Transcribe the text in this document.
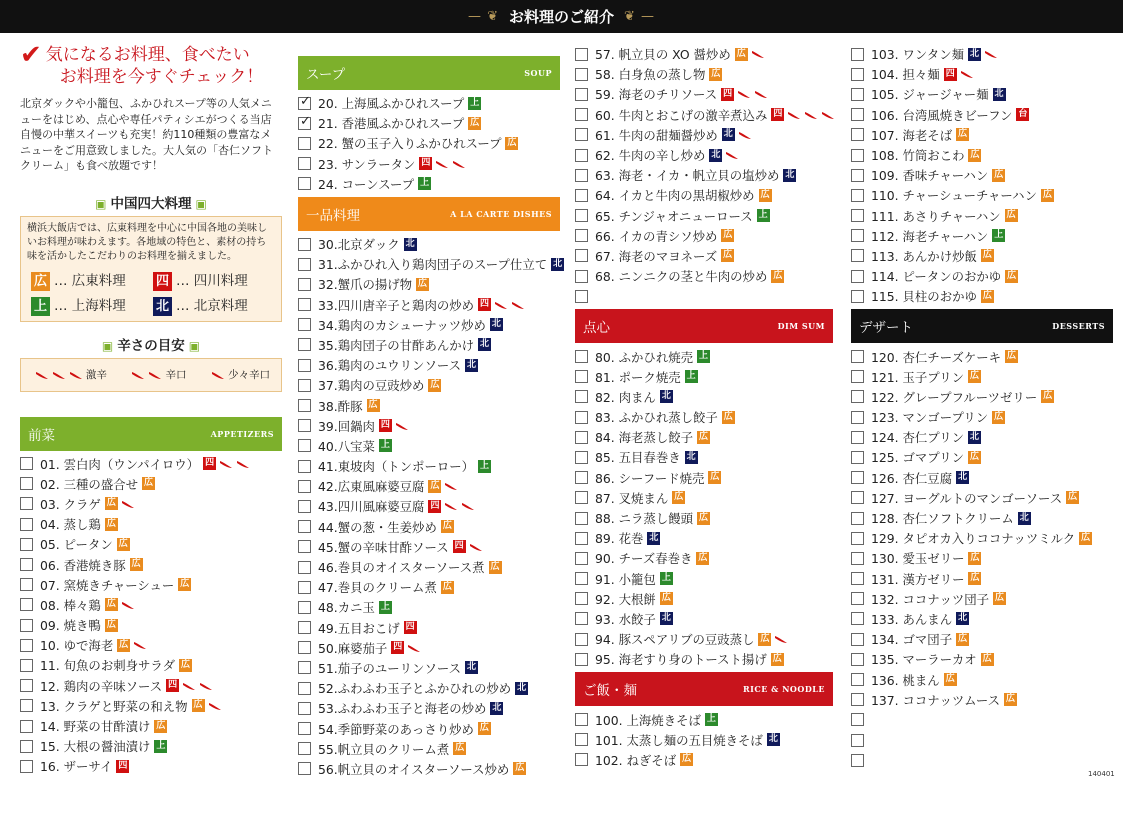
— ❦ お料理のご紹介 ❦ —
✔ 気になるお料理、食べたい
お料理を今すぐチェック！

北京ダックや小籠包、ふかひれスープ等の人気メニューをはじめ、点心や専任パティシエがつくる当店自慢の中華スイーツも充実！約110種類の豊富なメニューをご用意致しました。大人気の「杏仁ソフトクリーム」も食べ放題です！

▣ 中国四大料理 ▣
横浜大飯店では、広東料理を中心に中国各地の美味しいお料理が味わえます。各地域の特色と、素材の持ち味を活かしたこだわりのお料理を揃えました。
広 … 広東料理 四 … 四川料理
上 … 上海料理 北 … 北京料理
▣ 辛さの目安 ▣
激辛	辛口	少々辛口
前菜	APPETIZERS
01. 雲白肉（ウンパイロウ） 四
02. 三種の盛合せ 広
03. クラゲ 広
04. 蒸し鶏 広
05. ピータン 広
06. 香港焼き豚 広
07. 窯焼きチャーシュー 広
08. 棒々鶏 広
09. 焼き鴨 広
10. ゆで海老 広
11. 旬魚のお刺身サラダ 広
12. 鶏肉の辛味ソース 四
13. クラゲと野菜の和え物 広
14. 野菜の甘酢漬け 広
15. 大根の醤油漬け 上
16. ザーサイ 四
スープ	SOUP
✓
20. 上海風ふかひれスープ 上
✓
21. 香港風ふかひれスープ 広
22. 蟹の玉子入りふかひれスープ 広
23. サンラータン 四
24. コーンスープ 上
一品料理	A LA CARTE DISHES
30.北京ダック 北
31.ふかひれ入り鶏肉団子のスープ仕立て 北
32.蟹爪の揚げ物 広
33.四川唐辛子と鶏肉の炒め 四
34.鶏肉のカシューナッツ炒め 北
35.鶏肉団子の甘酢あんかけ 北
36.鶏肉のユウリンソース 北
37.鶏肉の豆豉炒め 広
38.酢豚 広
39.回鍋肉 四
40.八宝菜 上
41.東坡肉（トンポーロー） 上
42.広東風麻婆豆腐 広
43.四川風麻婆豆腐 四
44.蟹の葱・生姜炒め 広
45.蟹の辛味甘酢ソース 四
46.巻貝のオイスターソース煮 広
47.巻貝のクリーム煮 広
48.カニ玉 上
49.五目おこげ 四
50.麻婆茄子 四
51.茄子のユーリンソース 北
52.ふわふわ玉子とふかひれの炒め 北
53.ふわふわ玉子と海老の炒め 北
54.季節野菜のあっさり炒め 広
55.帆立貝のクリーム煮 広
56.帆立貝のオイスターソース炒め 広
57. 帆立貝の XO 醤炒め 広
58. 白身魚の蒸し物 広
59. 海老のチリソース 四
60. 牛肉とおこげの激辛煮込み 四
61. 牛肉の甜麺醤炒め 北
62. 牛肉の辛し炒め 北
63. 海老・イカ・帆立貝の塩炒め 北
64. イカと牛肉の黒胡椒炒め 広
65. チンジャオニューロース 上
66. イカの青シソ炒め 広
67. 海老のマヨネーズ 広
68. ニンニクの茎と牛肉の炒め 広
点心	DIM SUM
80. ふかひれ焼売 上
81. ポーク焼売 上
82. 肉まん 北
83. ふかひれ蒸し餃子 広
84. 海老蒸し餃子 広
85. 五目春巻き 北
86. シーフード焼売 広
87. 叉焼まん 広
88. ニラ蒸し饅頭 広
89. 花巻 北
90. チーズ春巻き 広
91. 小籠包 上
92. 大根餅 広
93. 水餃子 北
94. 豚スペアリブの豆豉蒸し 広
95. 海老すり身のトースト揚げ 広
ご飯・麺	RICE & NOODLE
100. 上海焼きそば 上
101. 太蒸し麺の五目焼きそば 北
102. ねぎそば 広
103. ワンタン麺 北
104. 担々麺 四
105. ジャージャー麺 北
106. 台湾風焼きビーフン 台
107. 海老そば 広
108. 竹筒おこわ 広
109. 香味チャーハン 広
110. チャーシューチャーハン 広
111. あさりチャーハン 広
112. 海老チャーハン 上
113. あんかけ炒飯 広
114. ピータンのおかゆ 広
115. 貝柱のおかゆ 広
デザート	DESSERTS
120. 杏仁チーズケーキ 広
121. 玉子プリン 広
122. グレープフルーツゼリー 広
123. マンゴープリン 広
124. 杏仁プリン 北
125. ゴマプリン 広
126. 杏仁豆腐 北
127. ヨーグルトのマンゴーソース 広
128. 杏仁ソフトクリーム 北
129. タピオカ入りココナッツミルク 広
130. 愛玉ゼリー 広
131. 漢方ゼリー 広
132. ココナッツ団子 広
133. あんまん 北
134. ゴマ団子 広
135. マーラーカオ 広
136. 桃まん 広
137. ココナッツムース 広
140401
